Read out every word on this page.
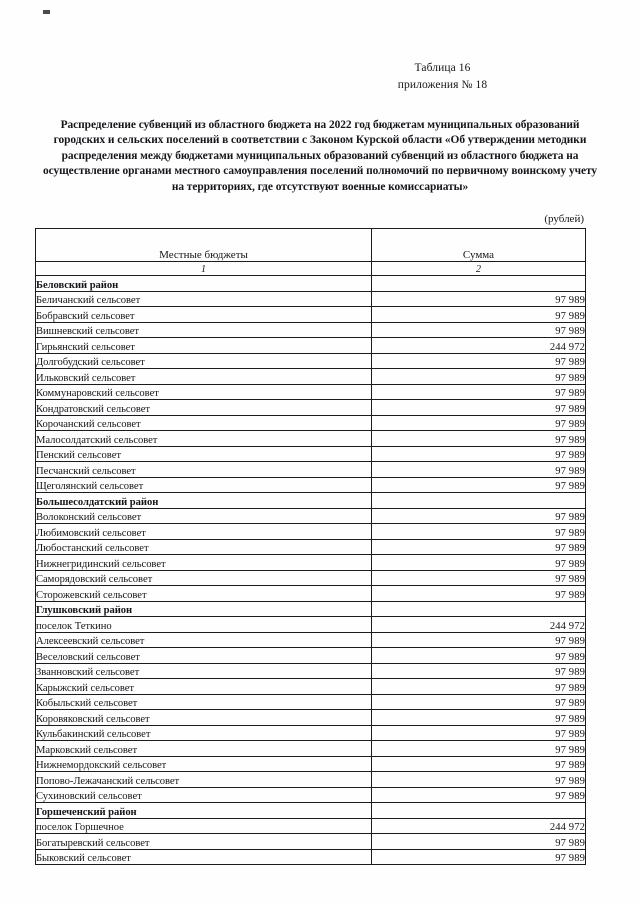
Таблица 16
приложения № 18
Распределение субвенций из областного бюджета на 2022 год бюджетам муниципальных образований городских и сельских поселений в соответствии с Законом Курской области «Об утверждении методики распределения между бюджетами муниципальных образований субвенций из областного бюджета на осуществление органами местного самоуправления поселений полномочий по первичному воинскому учету на территориях, где отсутствуют военные комиссариаты»
(рублей)
Местные бюджеты	Сумма
1	2
Беловский район	
Беличанский сельсовет	97 989
Бобравский сельсовет	97 989
Вишневский сельсовет	97 989
Гирьянский сельсовет	244 972
Долгобудский сельсовет	97 989
Ильковский сельсовет	97 989
Коммунаровский сельсовет	97 989
Кондратовский сельсовет	97 989
Корочанский сельсовет	97 989
Малосолдатский сельсовет	97 989
Пенский сельсовет	97 989
Песчанский сельсовет	97 989
Щеголянский сельсовет	97 989
Большесолдатский район	
Волоконский сельсовет	97 989
Любимовский сельсовет	97 989
Любостанский сельсовет	97 989
Нижнегридинский сельсовет	97 989
Саморядовский сельсовет	97 989
Сторожевский сельсовет	97 989
Глушковский район	
поселок Теткино	244 972
Алексеевский сельсовет	97 989
Веселовский сельсовет	97 989
Званновский сельсовет	97 989
Карыжский сельсовет	97 989
Кобыльский сельсовет	97 989
Коровяковский сельсовет	97 989
Кульбакинский сельсовет	97 989
Марковский сельсовет	97 989
Нижнемордокский сельсовет	97 989
Попово-Лежачанский сельсовет	97 989
Сухиновский сельсовет	97 989
Горшеченский район	
поселок Горшечное	244 972
Богатыревский сельсовет	97 989
Быковский сельсовет	97 989
